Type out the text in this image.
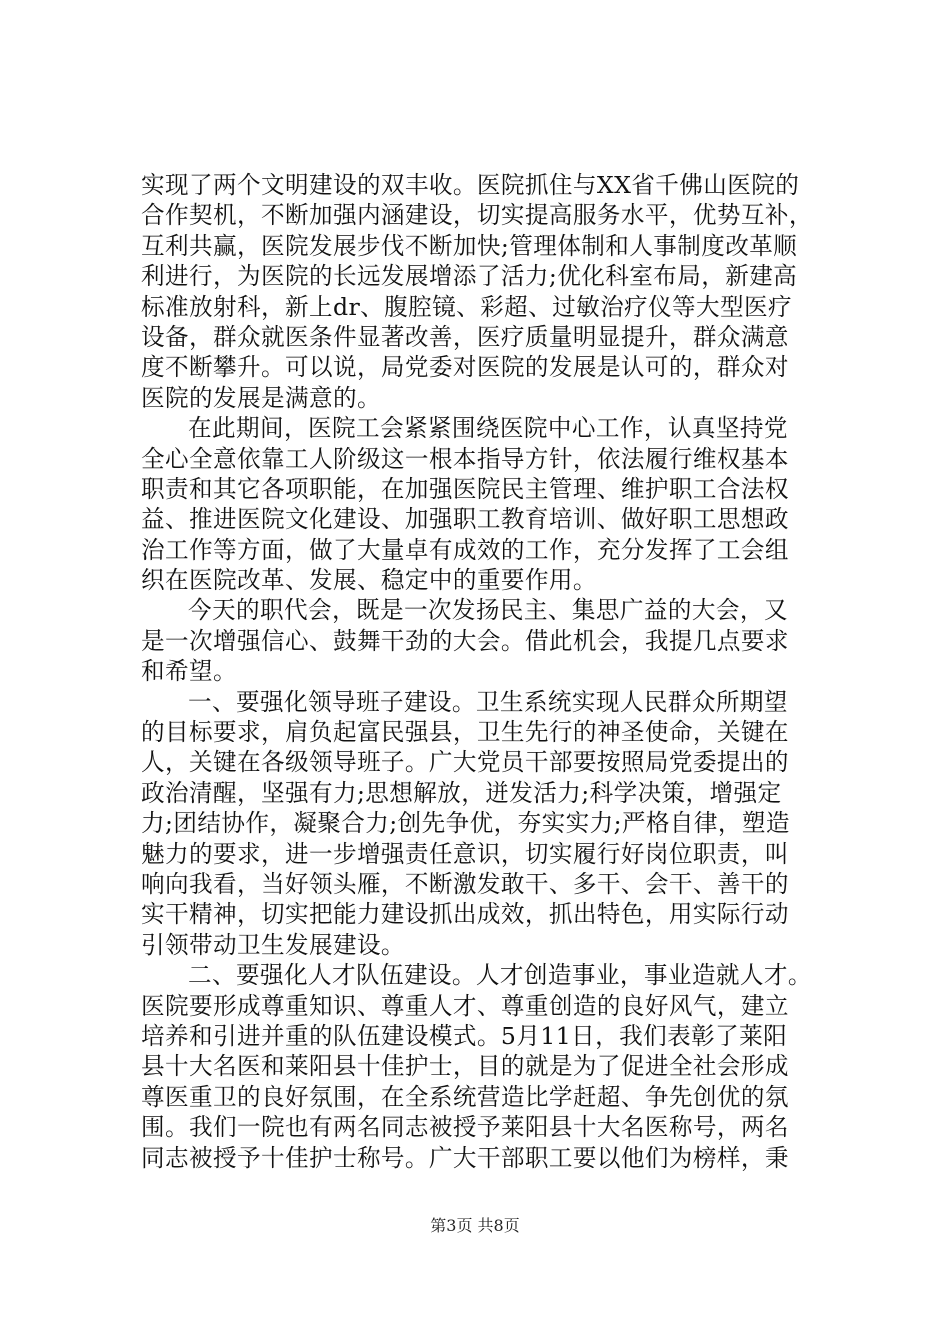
实现了两个文明建设的双丰收。医院抓住与XX省千佛山医院的
合作契机，不断加强内涵建设，切实提高服务水平，优势互补，
互利共赢，医院发展步伐不断加快;管理体制和人事制度改革顺
利进行，为医院的长远发展增添了活力;优化科室布局，新建高
标准放射科，新上dr、腹腔镜、彩超、过敏治疗仪等大型医疗
设备，群众就医条件显著改善，医疗质量明显提升，群众满意
度不断攀升。可以说，局党委对医院的发展是认可的，群众对
医院的发展是满意的。
在此期间，医院工会紧紧围绕医院中心工作，认真坚持党
全心全意依靠工人阶级这一根本指导方针，依法履行维权基本
职责和其它各项职能，在加强医院民主管理、维护职工合法权
益、推进医院文化建设、加强职工教育培训、做好职工思想政
治工作等方面，做了大量卓有成效的工作，充分发挥了工会组
织在医院改革、发展、稳定中的重要作用。
今天的职代会，既是一次发扬民主、集思广益的大会，又
是一次增强信心、鼓舞干劲的大会。借此机会，我提几点要求
和希望。
一、要强化领导班子建设。卫生系统实现人民群众所期望
的目标要求，肩负起富民强县，卫生先行的神圣使命，关键在
人，关键在各级领导班子。广大党员干部要按照局党委提出的
政治清醒，坚强有力;思想解放，迸发活力;科学决策，增强定
力;团结协作，凝聚合力;创先争优，夯实实力;严格自律，塑造
魅力的要求，进一步增强责任意识，切实履行好岗位职责，叫
响向我看，当好领头雁，不断激发敢干、多干、会干、善干的
实干精神，切实把能力建设抓出成效，抓出特色，用实际行动
引领带动卫生发展建设。
二、要强化人才队伍建设。人才创造事业，事业造就人才。
医院要形成尊重知识、尊重人才、尊重创造的良好风气，建立
培养和引进并重的队伍建设模式。5月11日，我们表彰了莱阳
县十大名医和莱阳县十佳护士，目的就是为了促进全社会形成
尊医重卫的良好氛围，在全系统营造比学赶超、争先创优的氛
围。我们一院也有两名同志被授予莱阳县十大名医称号，两名
同志被授予十佳护士称号。广大干部职工要以他们为榜样，秉
第3页 共8页
